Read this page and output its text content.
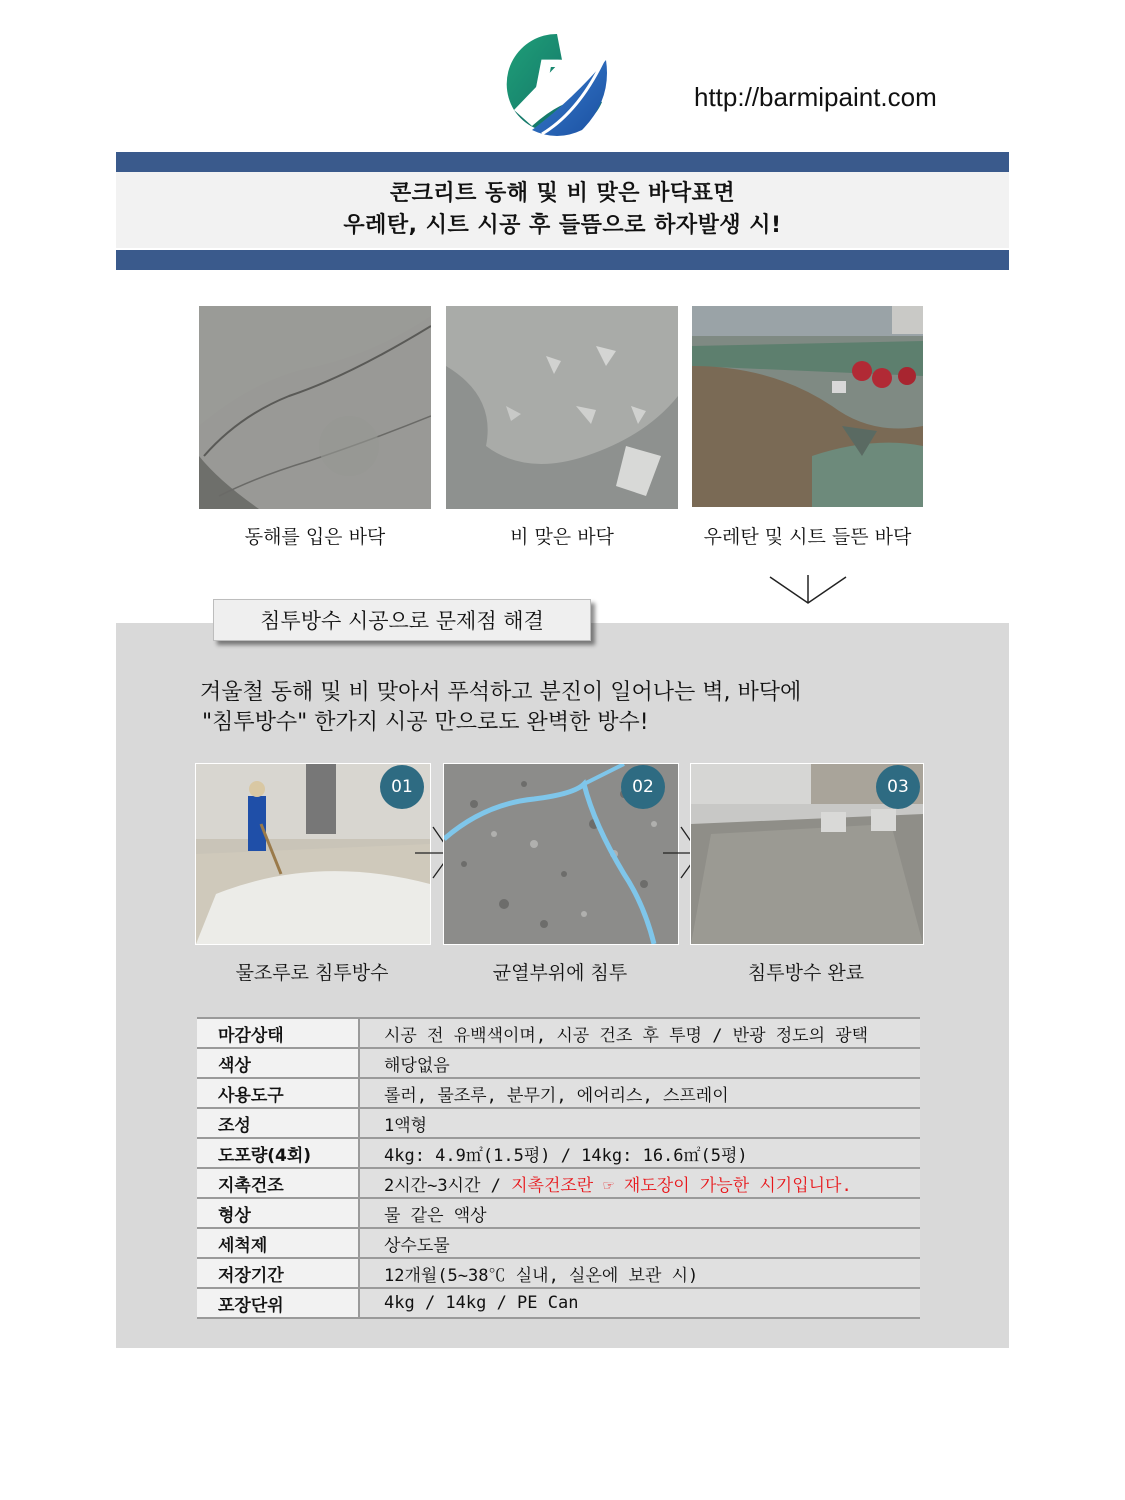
B	http://barmipaint.com
콘크리트 동해 및 비 맞은 바닥표면
우레탄, 시트 시공 후 들뜸으로 하자발생 시!
동해를 입은 바닥	비 맞은 바닥	우레탄 및 시트 들뜬 바닥
침투방수 시공으로 문제점 해결
겨울철 동해 및 비 맞아서 푸석하고 분진이 일어나는 벽, 바닥에
"침투방수" 한가지 시공 만으로도 완벽한 방수!
01	02	03
물조루로 침투방수	균열부위에 침투	침투방수 완료
마감상태	시공 전 유백색이며, 시공 건조 후 투명 / 반광 정도의 광택
색상	해당없음
사용도구	롤러, 물조루, 분무기, 에어리스, 스프레이
조성	1액형
도포량(4회)	4kg: 4.9㎡(1.5평) / 14kg: 16.6㎡(5평)
지촉건조	2시간~3시간 / 지촉건조란 ☞ 재도장이 가능한 시기입니다.
형상	물 같은 액상
세척제	상수도물
저장기간	12개월(5~38℃ 실내, 실온에 보관 시)
포장단위	4kg / 14kg / PE Can
